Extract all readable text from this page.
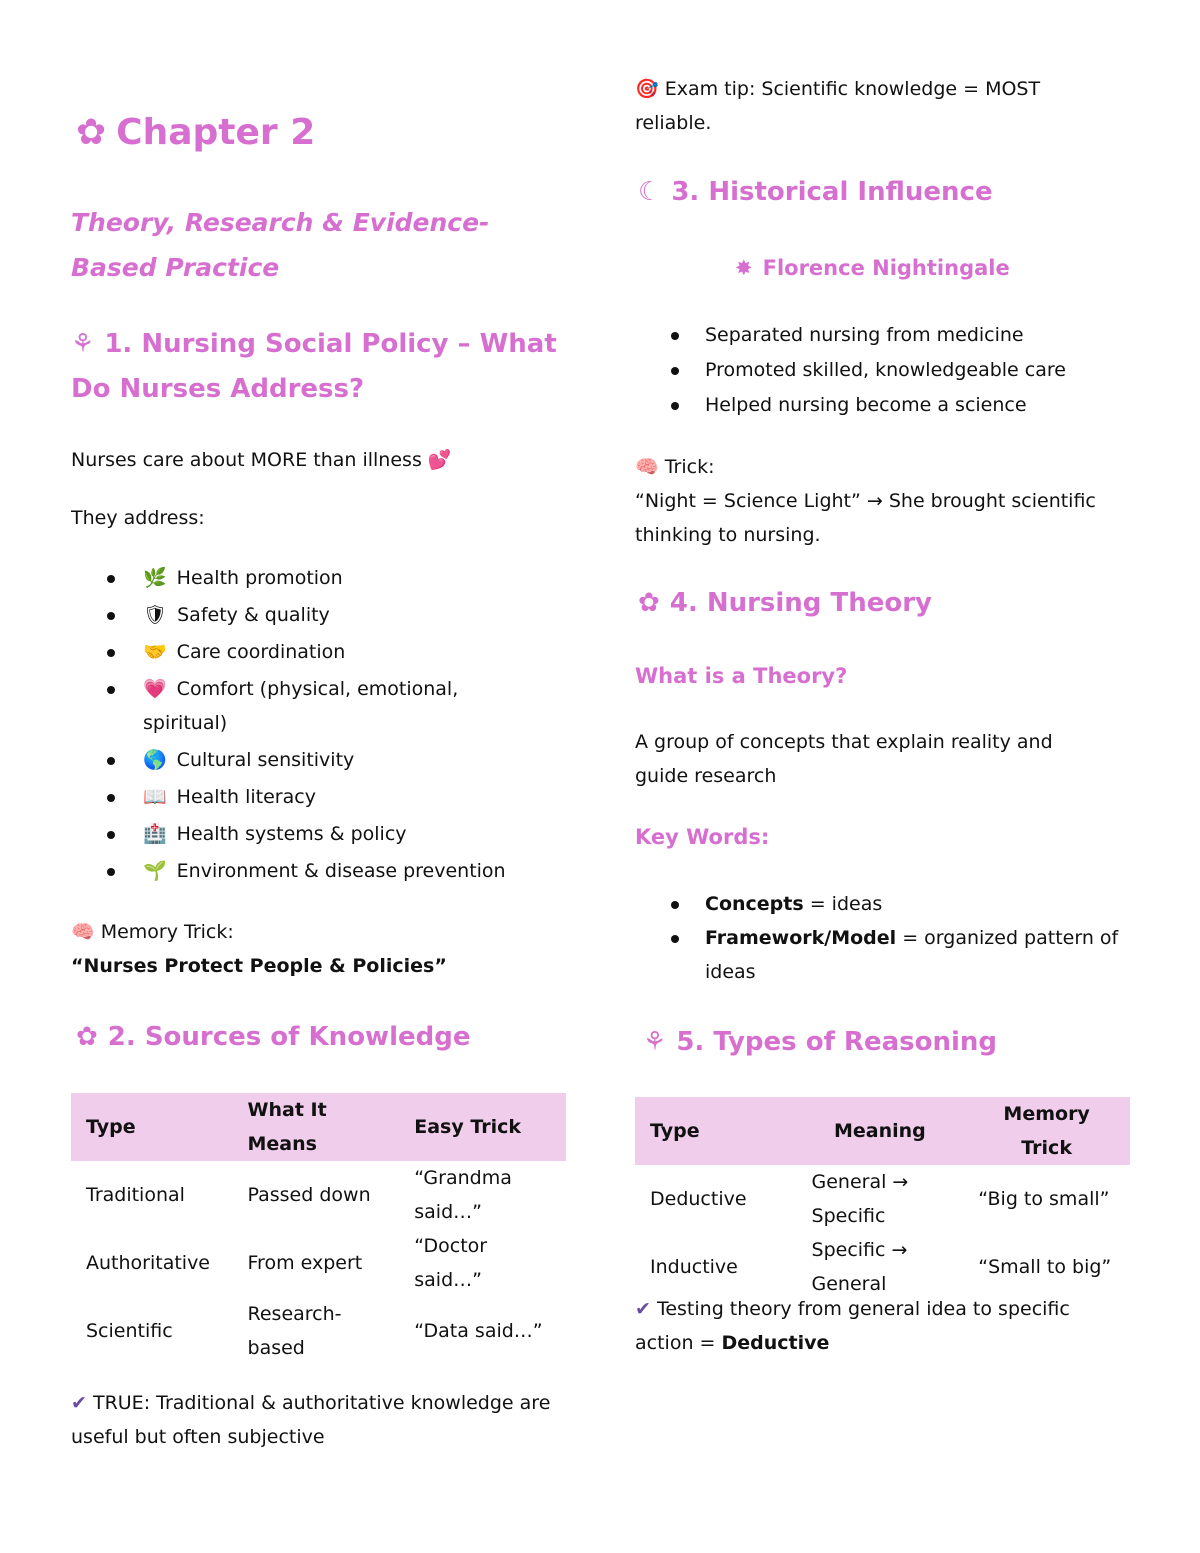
✿ Chapter 2
Theory, Research & Evidence-Based Practice
⚘ 1. Nursing Social Policy – What Do Nurses Address?
Nurses care about MORE than illness 💕
They address:
🌿 Health promotion
🛡 Safety & quality
🤝 Care coordination
💗 Comfort (physical, emotional, spiritual)
🌎 Cultural sensitivity
📖 Health literacy
🏥 Health systems & policy
🌱 Environment & disease prevention
🧠 Memory Trick:
“Nurses Protect People & Policies”
✿ 2. Sources of Knowledge
Type	What It Means	Easy Trick
Traditional	Passed down	“Grandma said…”
Authoritative	From expert	“Doctor said…”
Scientific	Research-based	“Data said…”
✔ TRUE: Traditional & authoritative knowledge are useful but often subjective
🎯 Exam tip: Scientific knowledge = MOST reliable.
☾ 3. Historical Influence
✸ Florence Nightingale
Separated nursing from medicine
Promoted skilled, knowledgeable care
Helped nursing become a science
🧠 Trick:
“Night = Science Light” → She brought scientific thinking to nursing.
✿ 4. Nursing Theory
What is a Theory?
A group of concepts that explain reality and guide research
Key Words:
Concepts = ideas
Framework/Model = organized pattern of ideas
⚘ 5. Types of Reasoning
Type	Meaning	Memory Trick
Deductive	General → Specific	“Big to small”
Inductive	Specific → General	“Small to big”
✔ Testing theory from general idea to specific action = Deductive
